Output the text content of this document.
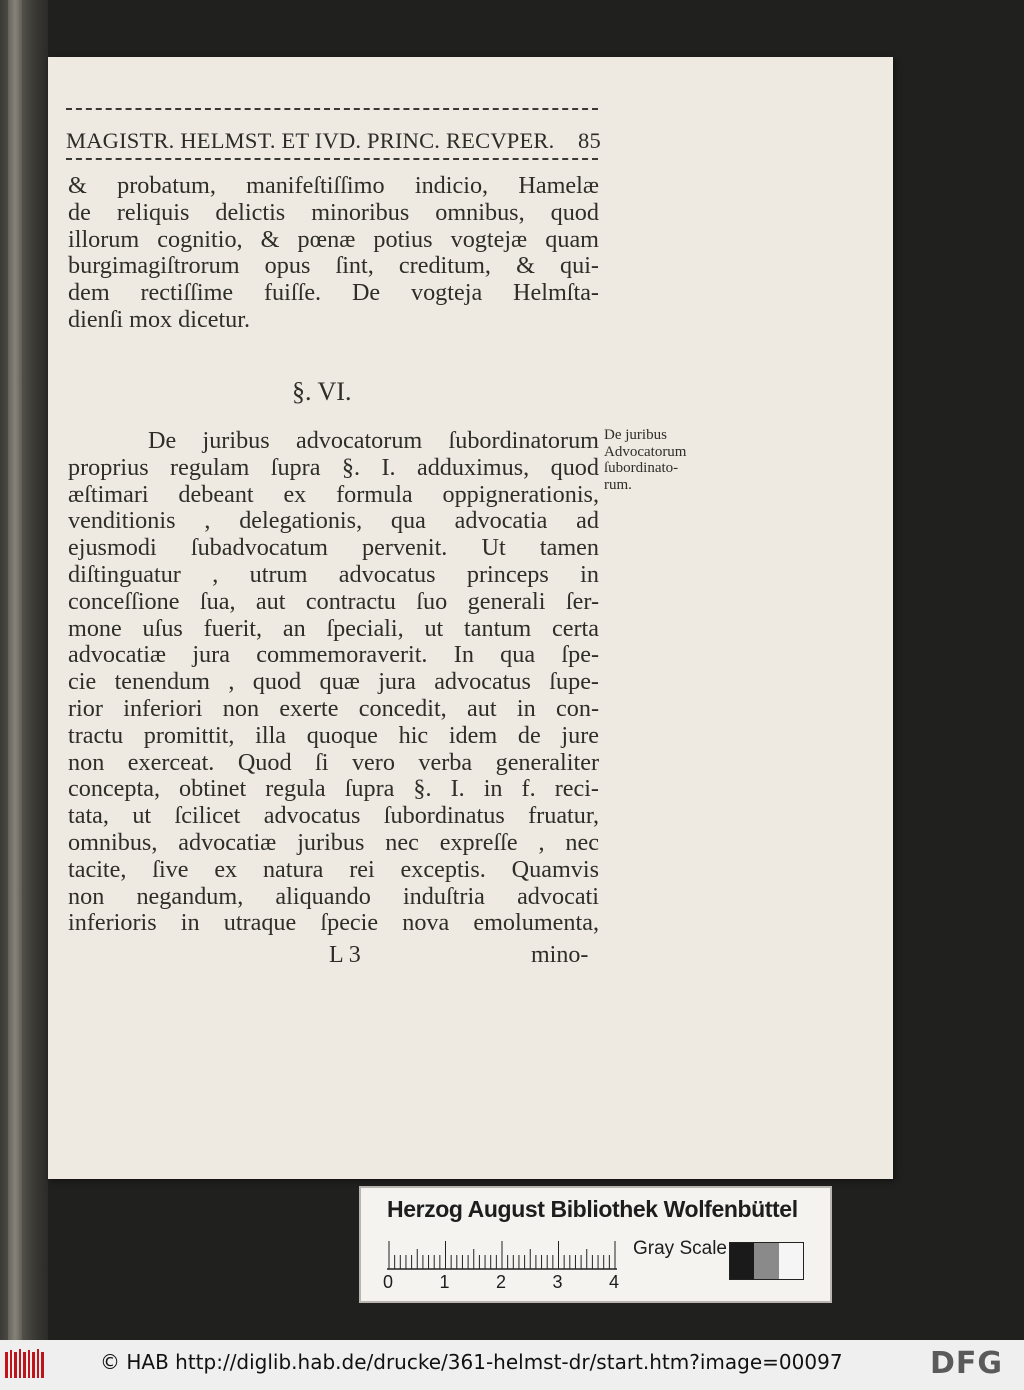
MAGISTR. HELMST. ET IVD. PRINC. RECVPER. 85
& probatum, manifeſtiſſimo indicio, Hamelæ
de reliquis delictis minoribus omnibus, quod
illorum cognitio, & pœnæ potius vogtejæ quam
burgimagiſtrorum opus ſint, creditum, & qui-
dem rectiſſime fuiſſe. De vogteja Helmſta-
dienſi mox dicetur.
§. VI.
De juribus
Advocatorum
ſubordinato-
rum.
De juribus advocatorum ſubordinatorum
proprius regulam ſupra §. I. adduximus, quod
æſtimari debeant ex formula oppignerationis,
venditionis , delegationis, qua advocatia ad
ejusmodi ſubadvocatum pervenit. Ut tamen
diſtinguatur , utrum advocatus princeps in
conceſſione ſua, aut contractu ſuo generali ſer-
mone uſus fuerit, an ſpeciali, ut tantum certa
advocatiæ jura commemoraverit. In qua ſpe-
cie tenendum , quod quæ jura advocatus ſupe-
rior inferiori non exerte concedit, aut in con-
tractu promittit, illa quoque hic idem de jure
non exerceat. Quod ſi vero verba generaliter
concepta, obtinet regula ſupra §. I. in f. reci-
tata, ut ſcilicet advocatus ſubordinatus fruatur,
omnibus, advocatiæ juribus nec expreſſe , nec
tacite, ſive ex natura rei exceptis. Quamvis
non negandum, aliquando induſtria advocati
inferioris in utraque ſpecie nova emolumenta,
L 3	mino-
Herzog August Bibliothek Wolfenbüttel
0	1	2	3	4
Gray Scale
© HAB http://diglib.hab.de/drucke/361-helmst-dr/start.htm?image=00097	DFG
